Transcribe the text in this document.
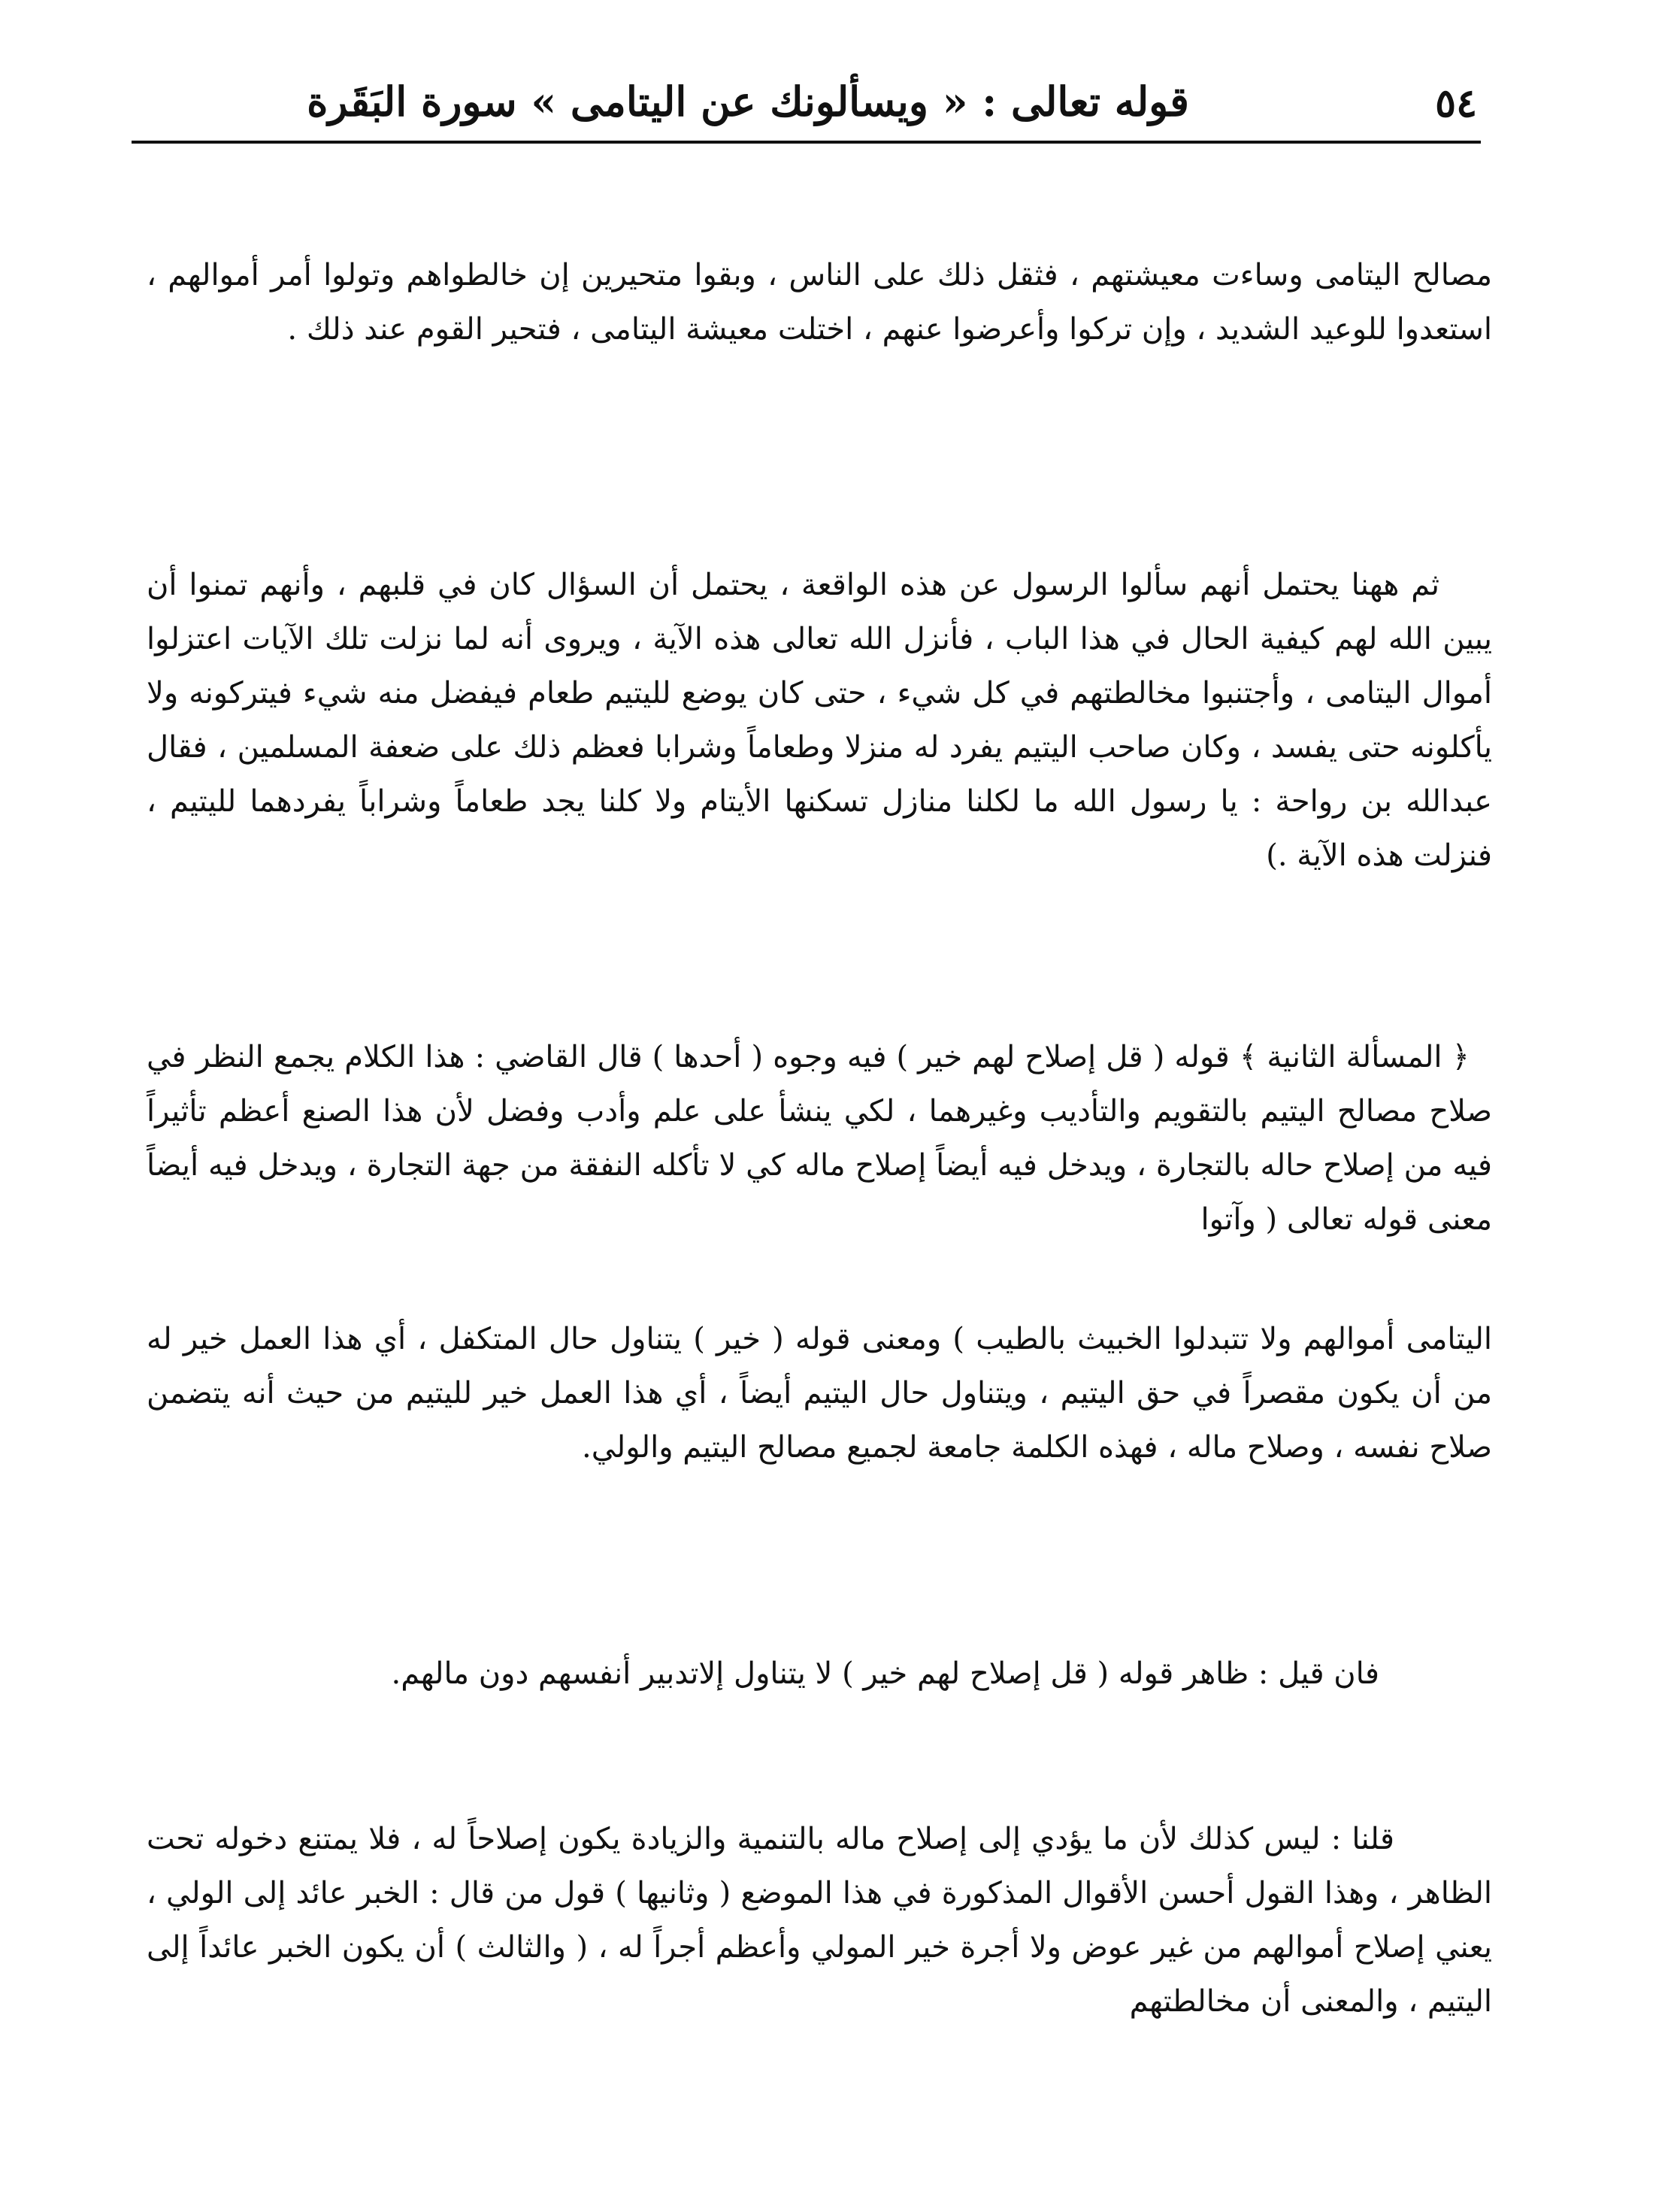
٥٤
قوله تعالى : « ويسألونك عن اليتامى » سورة البَقَرة

مصالح اليتامى وساءت معيشتهم ، فثقل ذلك على الناس ، وبقوا متحيرين إن خالطواهم وتولوا أمر أموالهم ، استعدوا للوعيد الشديد ، وإن تركوا وأعرضوا عنهم ، اختلت معيشة اليتامى ، فتحير القوم عند ذلك .

ثم ههنا يحتمل أنهم سألوا الرسول عن هذه الواقعة ، يحتمل أن السؤال كان في قلبهم ، وأنهم تمنوا أن يبين الله لهم كيفية الحال في هذا الباب ، فأنزل الله تعالى هذه الآية ، ويروى أنه لما نزلت تلك الآيات اعتزلوا أموال اليتامى ، وأجتنبوا مخالطتهم في كل شيء ، حتى كان يوضع لليتيم طعام فيفضل منه شيء فيتركونه ولا يأكلونه حتى يفسد ، وكان صاحب اليتيم يفرد له منزلا وطعاماً وشرابا فعظم ذلك على ضعفة المسلمين ، فقال عبدالله بن رواحة : يا رسول الله ما لكلنا منازل تسكنها الأيتام ولا كلنا يجد طعاماً وشراباً يفردهما لليتيم ، فنزلت هذه الآية .)

﴿ المسألة الثانية ﴾ قوله ( قل إصلاح لهم خير ) فيه وجوه ( أحدها ) قال القاضي : هذا الكلام يجمع النظر في صلاح مصالح اليتيم بالتقويم والتأديب وغيرهما ، لكي ينشأ على علم وأدب وفضل لأن هذا الصنع أعظم تأثيراً فيه من إصلاح حاله بالتجارة ، ويدخل فيه أيضاً إصلاح ماله كي لا تأكله النفقة من جهة التجارة ، ويدخل فيه أيضاً معنى قوله تعالى ( وآتوا

اليتامى أموالهم ولا تتبدلوا الخبيث بالطيب ) ومعنى قوله ( خير ) يتناول حال المتكفل ، أي هذا العمل خير له من أن يكون مقصراً في حق اليتيم ، ويتناول حال اليتيم أيضاً ، أي هذا العمل خير لليتيم من حيث أنه يتضمن صلاح نفسه ، وصلاح ماله ، فهذه الكلمة جامعة لجميع مصالح اليتيم والولي.

فان قيل : ظاهر قوله ( قل إصلاح لهم خير ) لا يتناول إلاتدبير أنفسهم دون مالهم.

قلنا : ليس كذلك لأن ما يؤدي إلى إصلاح ماله بالتنمية والزيادة يكون إصلاحاً له ، فلا يمتنع دخوله تحت الظاهر ، وهذا القول أحسن الأقوال المذكورة في هذا الموضع ( وثانيها ) قول من قال : الخبر عائد إلى الولي ، يعني إصلاح أموالهم من غير عوض ولا أجرة خير المولي وأعظم أجراً له ، ( والثالث ) أن يكون الخبر عائداً إلى اليتيم ، والمعنى أن مخالطتهم
